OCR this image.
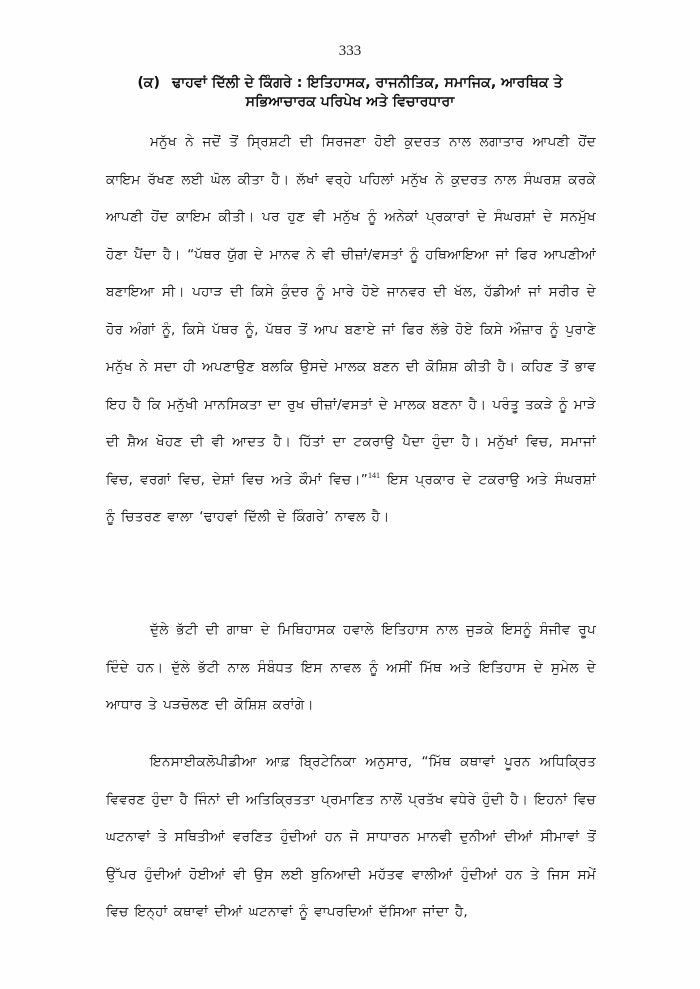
333
(ਕ) ਢਾਹਵਾਂ ਦਿੱਲੀ ਦੇ ਕਿੰਗਰੇ : ਇਤਿਹਾਸਕ, ਰਾਜਨੀਤਿਕ, ਸਮਾਜਿਕ, ਆਰਥਿਕ ਤੇ ਸਭਿਆਚਾਰਕ ਪਰਿਪੇਖ ਅਤੇ ਵਿਚਾਰਧਾਰਾ

ਮਨੁੱਖ ਨੇ ਜਦੋਂ ਤੋਂ ਸ੍ਰਿਸ਼ਟੀ ਦੀ ਸਿਰਜਣਾ ਹੋਈ ਕੁਦਰਤ ਨਾਲ ਲਗਾਤਾਰ ਆਪਣੀ ਹੋਂਦ ਕਾਇਮ ਰੱਖਣ ਲਈ ਘੋਲ ਕੀਤਾ ਹੈ। ਲੱਖਾਂ ਵਰ੍ਹੇ ਪਹਿਲਾਂ ਮਨੁੱਖ ਨੇ ਕੁਦਰਤ ਨਾਲ ਸੰਘਰਸ਼ ਕਰਕੇ ਆਪਣੀ ਹੋਂਦ ਕਾਇਮ ਕੀਤੀ। ਪਰ ਹੁਣ ਵੀ ਮਨੁੱਖ ਨੂੰ ਅਨੇਕਾਂ ਪ੍ਰਕਾਰਾਂ ਦੇ ਸੰਘਰਸ਼ਾਂ ਦੇ ਸਨਮੁੱਖ ਹੋਣਾ ਪੈਂਦਾ ਹੈ। “ਪੱਥਰ ਯੁੱਗ ਦੇ ਮਾਨਵ ਨੇ ਵੀ ਚੀਜ਼ਾਂ/ਵਸਤਾਂ ਨੂੰ ਹਥਿਆਇਆ ਜਾਂ ਫਿਰ ਆਪਣੀਆਂ ਬਣਾਇਆ ਸੀ। ਪਹਾੜ ਦੀ ਕਿਸੇ ਕੁੰਦਰ ਨੂੰ ਮਾਰੇ ਹੋਏ ਜਾਨਵਰ ਦੀ ਖੱਲ, ਹੱਡੀਆਂ ਜਾਂ ਸਰੀਰ ਦੇ ਹੋਰ ਅੰਗਾਂ ਨੂੰ, ਕਿਸੇ ਪੱਥਰ ਨੂੰ, ਪੱਥਰ ਤੋਂ ਆਪ ਬਣਾਏ ਜਾਂ ਫਿਰ ਲੱਭੇ ਹੋਏ ਕਿਸੇ ਔਜ਼ਾਰ ਨੂੰ ਪੁਰਾਣੇ ਮਨੁੱਖ ਨੇ ਸਦਾ ਹੀ ਅਪਣਾਉਣ ਬਲਕਿ ਉਸਦੇ ਮਾਲਕ ਬਣਨ ਦੀ ਕੋਸ਼ਿਸ਼ ਕੀਤੀ ਹੈ। ਕਹਿਣ ਤੋਂ ਭਾਵ ਇਹ ਹੈ ਕਿ ਮਨੁੱਖੀ ਮਾਨਸਿਕਤਾ ਦਾ ਰੁਖ ਚੀਜ਼ਾਂ/ਵਸਤਾਂ ਦੇ ਮਾਲਕ ਬਣਨਾ ਹੈ। ਪਰੰਤੂ ਤਕੜੇ ਨੂੰ ਮਾੜੇ ਦੀ ਸ਼ੈਅ ਖੋਹਣ ਦੀ ਵੀ ਆਦਤ ਹੈ। ਹਿੱਤਾਂ ਦਾ ਟਕਰਾਉ ਪੈਦਾ ਹੁੰਦਾ ਹੈ। ਮਨੁੱਖਾਂ ਵਿਚ, ਸਮਾਜਾਂ ਵਿਚ, ਵਰਗਾਂ ਵਿਚ, ਦੇਸ਼ਾਂ ਵਿਚ ਅਤੇ ਕੌਮਾਂ ਵਿਚ।”$^{141}$ ਇਸ ਪ੍ਰਕਾਰ ਦੇ ਟਕਰਾਉ ਅਤੇ ਸੰਘਰਸ਼ਾਂ ਨੂੰ ਚਿਤਰਣ ਵਾਲਾ ‘ਢਾਹਵਾਂ ਦਿੱਲੀ ਦੇ ਕਿੰਗਰੇ’ ਨਾਵਲ ਹੈ।

ਦੁੱਲੇ ਭੱਟੀ ਦੀ ਗਾਥਾ ਦੇ ਮਿਥਿਹਾਸਕ ਹਵਾਲੇ ਇਤਿਹਾਸ ਨਾਲ ਜੁੜਕੇ ਇਸਨੂੰ ਸੰਜੀਵ ਰੂਪ ਦਿੰਦੇ ਹਨ। ਦੁੱਲੇ ਭੱਟੀ ਨਾਲ ਸੰਬੰਧਤ ਇਸ ਨਾਵਲ ਨੂੰ ਅਸੀਂ ਮਿੱਥ ਅਤੇ ਇਤਿਹਾਸ ਦੇ ਸੁਮੇਲ ਦੇ ਆਧਾਰ ਤੇ ਪੜਚੋਲਣ ਦੀ ਕੋਸ਼ਿਸ਼ ਕਰਾਂਗੇ।

ਇਨਸਾਈਕਲੋਪੀਡੀਆ ਆਫ਼ ਬ੍ਰਿਟੇਨਿਕਾ ਅਨੁਸਾਰ, “ਮਿੱਥ ਕਥਾਵਾਂ ਪੂਰਨ ਅਧਿਕ੍ਰਿਤ ਵਿਵਰਣ ਹੁੰਦਾ ਹੈ ਜਿੰਨਾਂ ਦੀ ਅਤਿਕ੍ਰਿਤਤਾ ਪ੍ਰਮਾਣਿਤ ਨਾਲੋਂ ਪ੍ਰਤੱਖ ਵਧੇਰੇ ਹੁੰਦੀ ਹੈ। ਇਹਨਾਂ ਵਿਚ ਘਟਨਾਵਾਂ ਤੇ ਸਥਿਤੀਆਂ ਵਰਣਿਤ ਹੁੰਦੀਆਂ ਹਨ ਜੋ ਸਾਧਾਰਨ ਮਾਨਵੀ ਦੁਨੀਆਂ ਦੀਆਂ ਸੀਮਾਵਾਂ ਤੋਂ ਉੱਪਰ ਹੁੰਦੀਆਂ ਹੋਈਆਂ ਵੀ ਉਸ ਲਈ ਬੁਨਿਆਦੀ ਮਹੱਤਵ ਵਾਲੀਆਂ ਹੁੰਦੀਆਂ ਹਨ ਤੇ ਜਿਸ ਸਮੇਂ ਵਿਚ ਇਨ੍ਹਾਂ ਕਥਾਵਾਂ ਦੀਆਂ ਘਟਨਾਵਾਂ ਨੂੰ ਵਾਪਰਦਿਆਂ ਦੱਸਿਆ ਜਾਂਦਾ ਹੈ,
